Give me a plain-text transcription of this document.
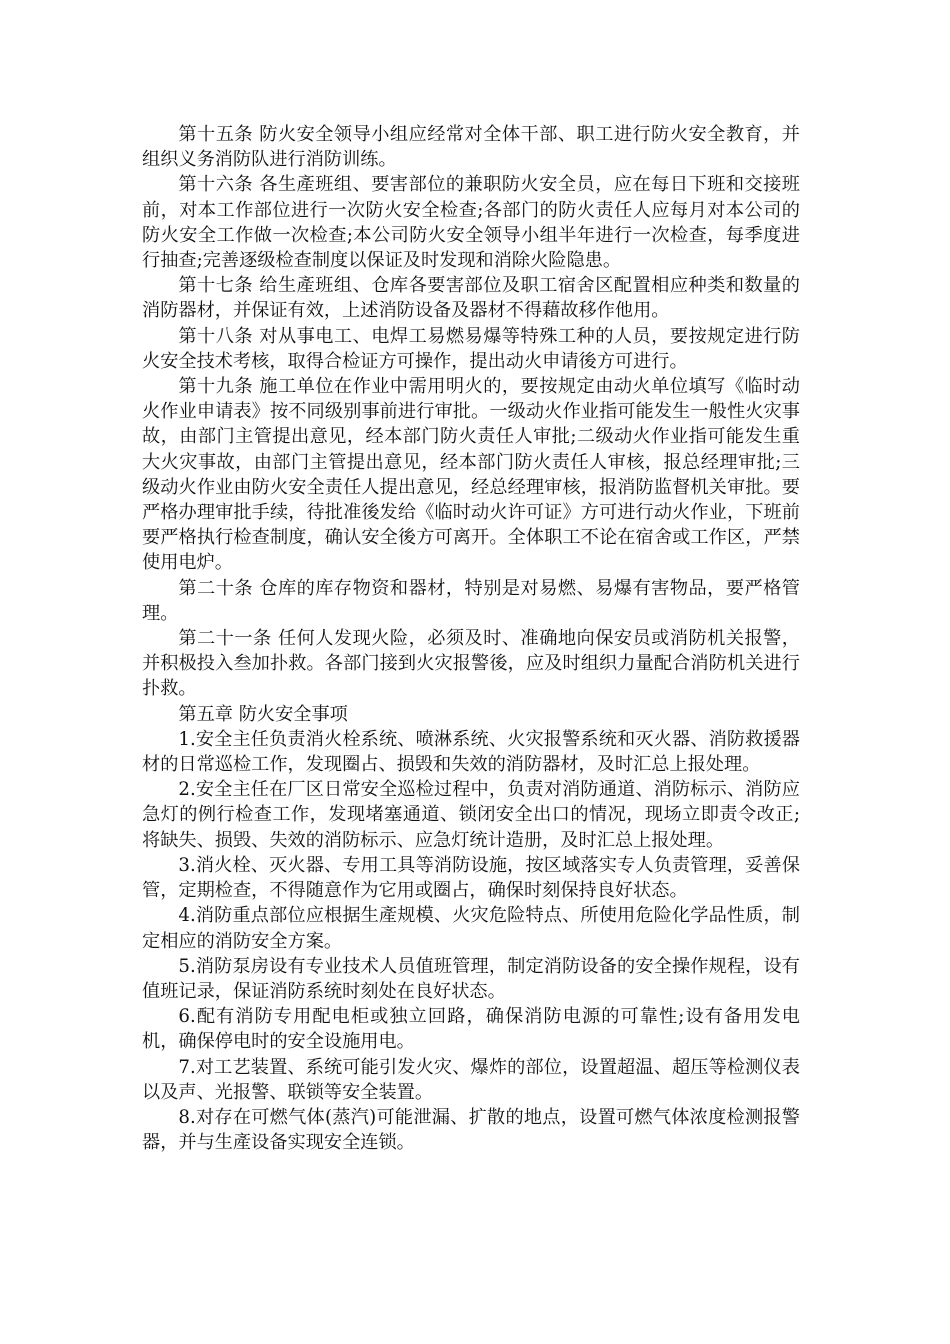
第十五条 防火安全领导小组应经常对全体干部、职工进行防火安全教育，并组织义务消防队进行消防训练。

第十六条 各生產班组、要害部位的兼职防火安全员，应在每日下班和交接班前，对本工作部位进行一次防火安全检查;各部门的防火责任人应每月对本公司的防火安全工作做一次检查;本公司防火安全领导小组半年进行一次检查，每季度进行抽查;完善逐级检查制度以保证及时发现和消除火险隐患。

第十七条 给生產班组、仓库各要害部位及职工宿舍区配置相应种类和数量的消防器材，并保证有效，上述消防设备及器材不得藉故移作他用。

第十八条 对从事电工、电焊工易燃易爆等特殊工种的人员，要按规定进行防火安全技术考核，取得合检证方可操作，提出动火申请後方可进行。

第十九条 施工单位在作业中需用明火的，要按规定由动火单位填写《临时动火作业申请表》按不同级别事前进行审批。一级动火作业指可能发生一般性火灾事故，由部门主管提出意见，经本部门防火责任人审批;二级动火作业指可能发生重大火灾事故，由部门主管提出意见，经本部门防火责任人审核，报总经理审批;三级动火作业由防火安全责任人提出意见，经总经理审核，报消防监督机关审批。要严格办理审批手续，待批准後发给《临时动火许可证》方可进行动火作业，下班前要严格执行检查制度，确认安全後方可离开。全体职工不论在宿舍或工作区，严禁使用电炉。

第二十条 仓库的库存物资和器材，特别是对易燃、易爆有害物品，要严格管理。

第二十一条 任何人发现火险，必须及时、准确地向保安员或消防机关报警，并积极投入叁加扑救。各部门接到火灾报警後，应及时组织力量配合消防机关进行扑救。

第五章 防火安全事项

1.安全主任负责消火栓系统、喷淋系统、火灾报警系统和灭火器、消防救援器材的日常巡检工作，发现圈占、损毁和失效的消防器材，及时汇总上报处理。

2.安全主任在厂区日常安全巡检过程中，负责对消防通道、消防标示、消防应急灯的例行检查工作，发现堵塞通道、锁闭安全出口的情况，现场立即责令改正;将缺失、损毁、失效的消防标示、应急灯统计造册，及时汇总上报处理。

3.消火栓、灭火器、专用工具等消防设施，按区域落实专人负责管理，妥善保管，定期检查，不得随意作为它用或圈占，确保时刻保持良好状态。

4.消防重点部位应根据生產规模、火灾危险特点、所使用危险化学品性质，制定相应的消防安全方案。

5.消防泵房设有专业技术人员值班管理，制定消防设备的安全操作规程，设有值班记录，保证消防系统时刻处在良好状态。

6.配有消防专用配电柜或独立回路，确保消防电源的可靠性;设有备用发电机，确保停电时的安全设施用电。

7.对工艺装置、系统可能引发火灾、爆炸的部位，设置超温、超压等检测仪表以及声、光报警、联锁等安全装置。

8.对存在可燃气体(蒸汽)可能泄漏、扩散的地点，设置可燃气体浓度检测报警器，并与生產设备实现安全连锁。
